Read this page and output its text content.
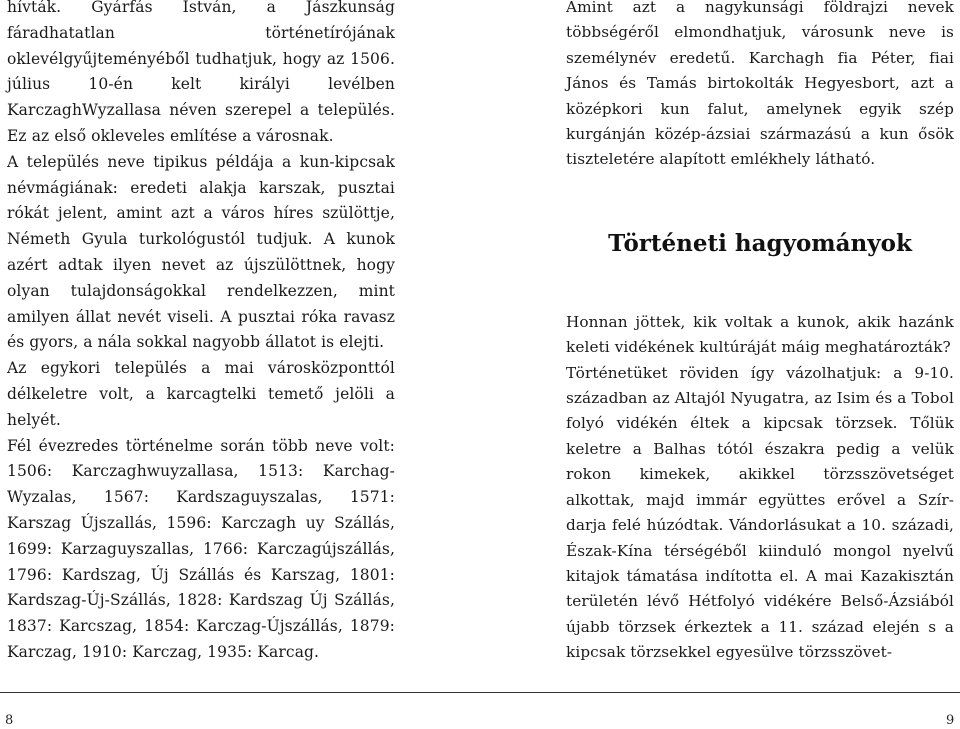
hívták. Gyárfás István, a Jászkunság fáradhatatlan történetírójának oklevélgyűjteményéből tudhatjuk, hogy az 1506. július 10-én kelt királyi levélben KarczaghWyzallasa néven szerepel a település. Ez az első okleveles említése a városnak.

A település neve tipikus példája a kun-kipcsak névmágiának: eredeti alakja karszak, pusztai rókát jelent, amint azt a város híres szülöttje, Németh Gyula turkológustól tudjuk. A kunok azért adtak ilyen nevet az újszülöttnek, hogy olyan tulajdonságokkal rendelkezzen, mint amilyen állat nevét viseli. A pusztai róka ravasz és gyors, a nála sokkal nagyobb állatot is elejti.

Az egykori település a mai városközponttól délkeletre volt, a karcagtelki temető jelöli a helyét.

Fél évezredes történelme során több neve volt: 1506: Karczaghwuyzallasa, 1513: Karchag-Wyzalas, 1567: Kardszaguyszalas, 1571: Karszag Újszallás, 1596: Karczagh uy Szállás, 1699: Karzaguyszallas, 1766: Karczagújszállás, 1796: Kardszag, Új Szállás és Karszag, 1801: Kardszag-Új-Szállás, 1828: Kardszag Új Szállás, 1837: Karcszag, 1854: Karczag-Újszállás, 1879: Karczag, 1910: Karczag, 1935: Karcag.

Amint azt a nagykunsági földrajzi nevek többségéről elmondhatjuk, városunk neve is személynév eredetű. Karchagh fia Péter, fiai János és Tamás birtokolták Hegyesbort, azt a középkori kun falut, amelynek egyik szép kurgánján közép-ázsiai származású a kun ősök tiszteletére alapított emlékhely látható.

Történeti hagyományok

Honnan jöttek, kik voltak a kunok, akik hazánk keleti vidékének kultúráját máig meghatározták?

Történetüket röviden így vázolhatjuk: a 9-10. században az Altajól Nyugatra, az Isim és a Tobol folyó vidékén éltek a kipcsak törzsek. Tőlük keletre a Balhas tótól északra pedig a velük rokon kimekek, akikkel törzsszövetséget alkottak, majd immár együttes erővel a Szír-darja felé húzódtak. Vándorlásukat a 10. századi, Észak-Kína térségéből kiinduló mongol nyelvű kitajok támatása indította el. A mai Kazakisztán területén lévő Hétfolyó vidékére Belső-Ázsiából újabb törzsek érkeztek a 11. század elején s a kipcsak törzsekkel egyesülve törzsszövet-

8	9
